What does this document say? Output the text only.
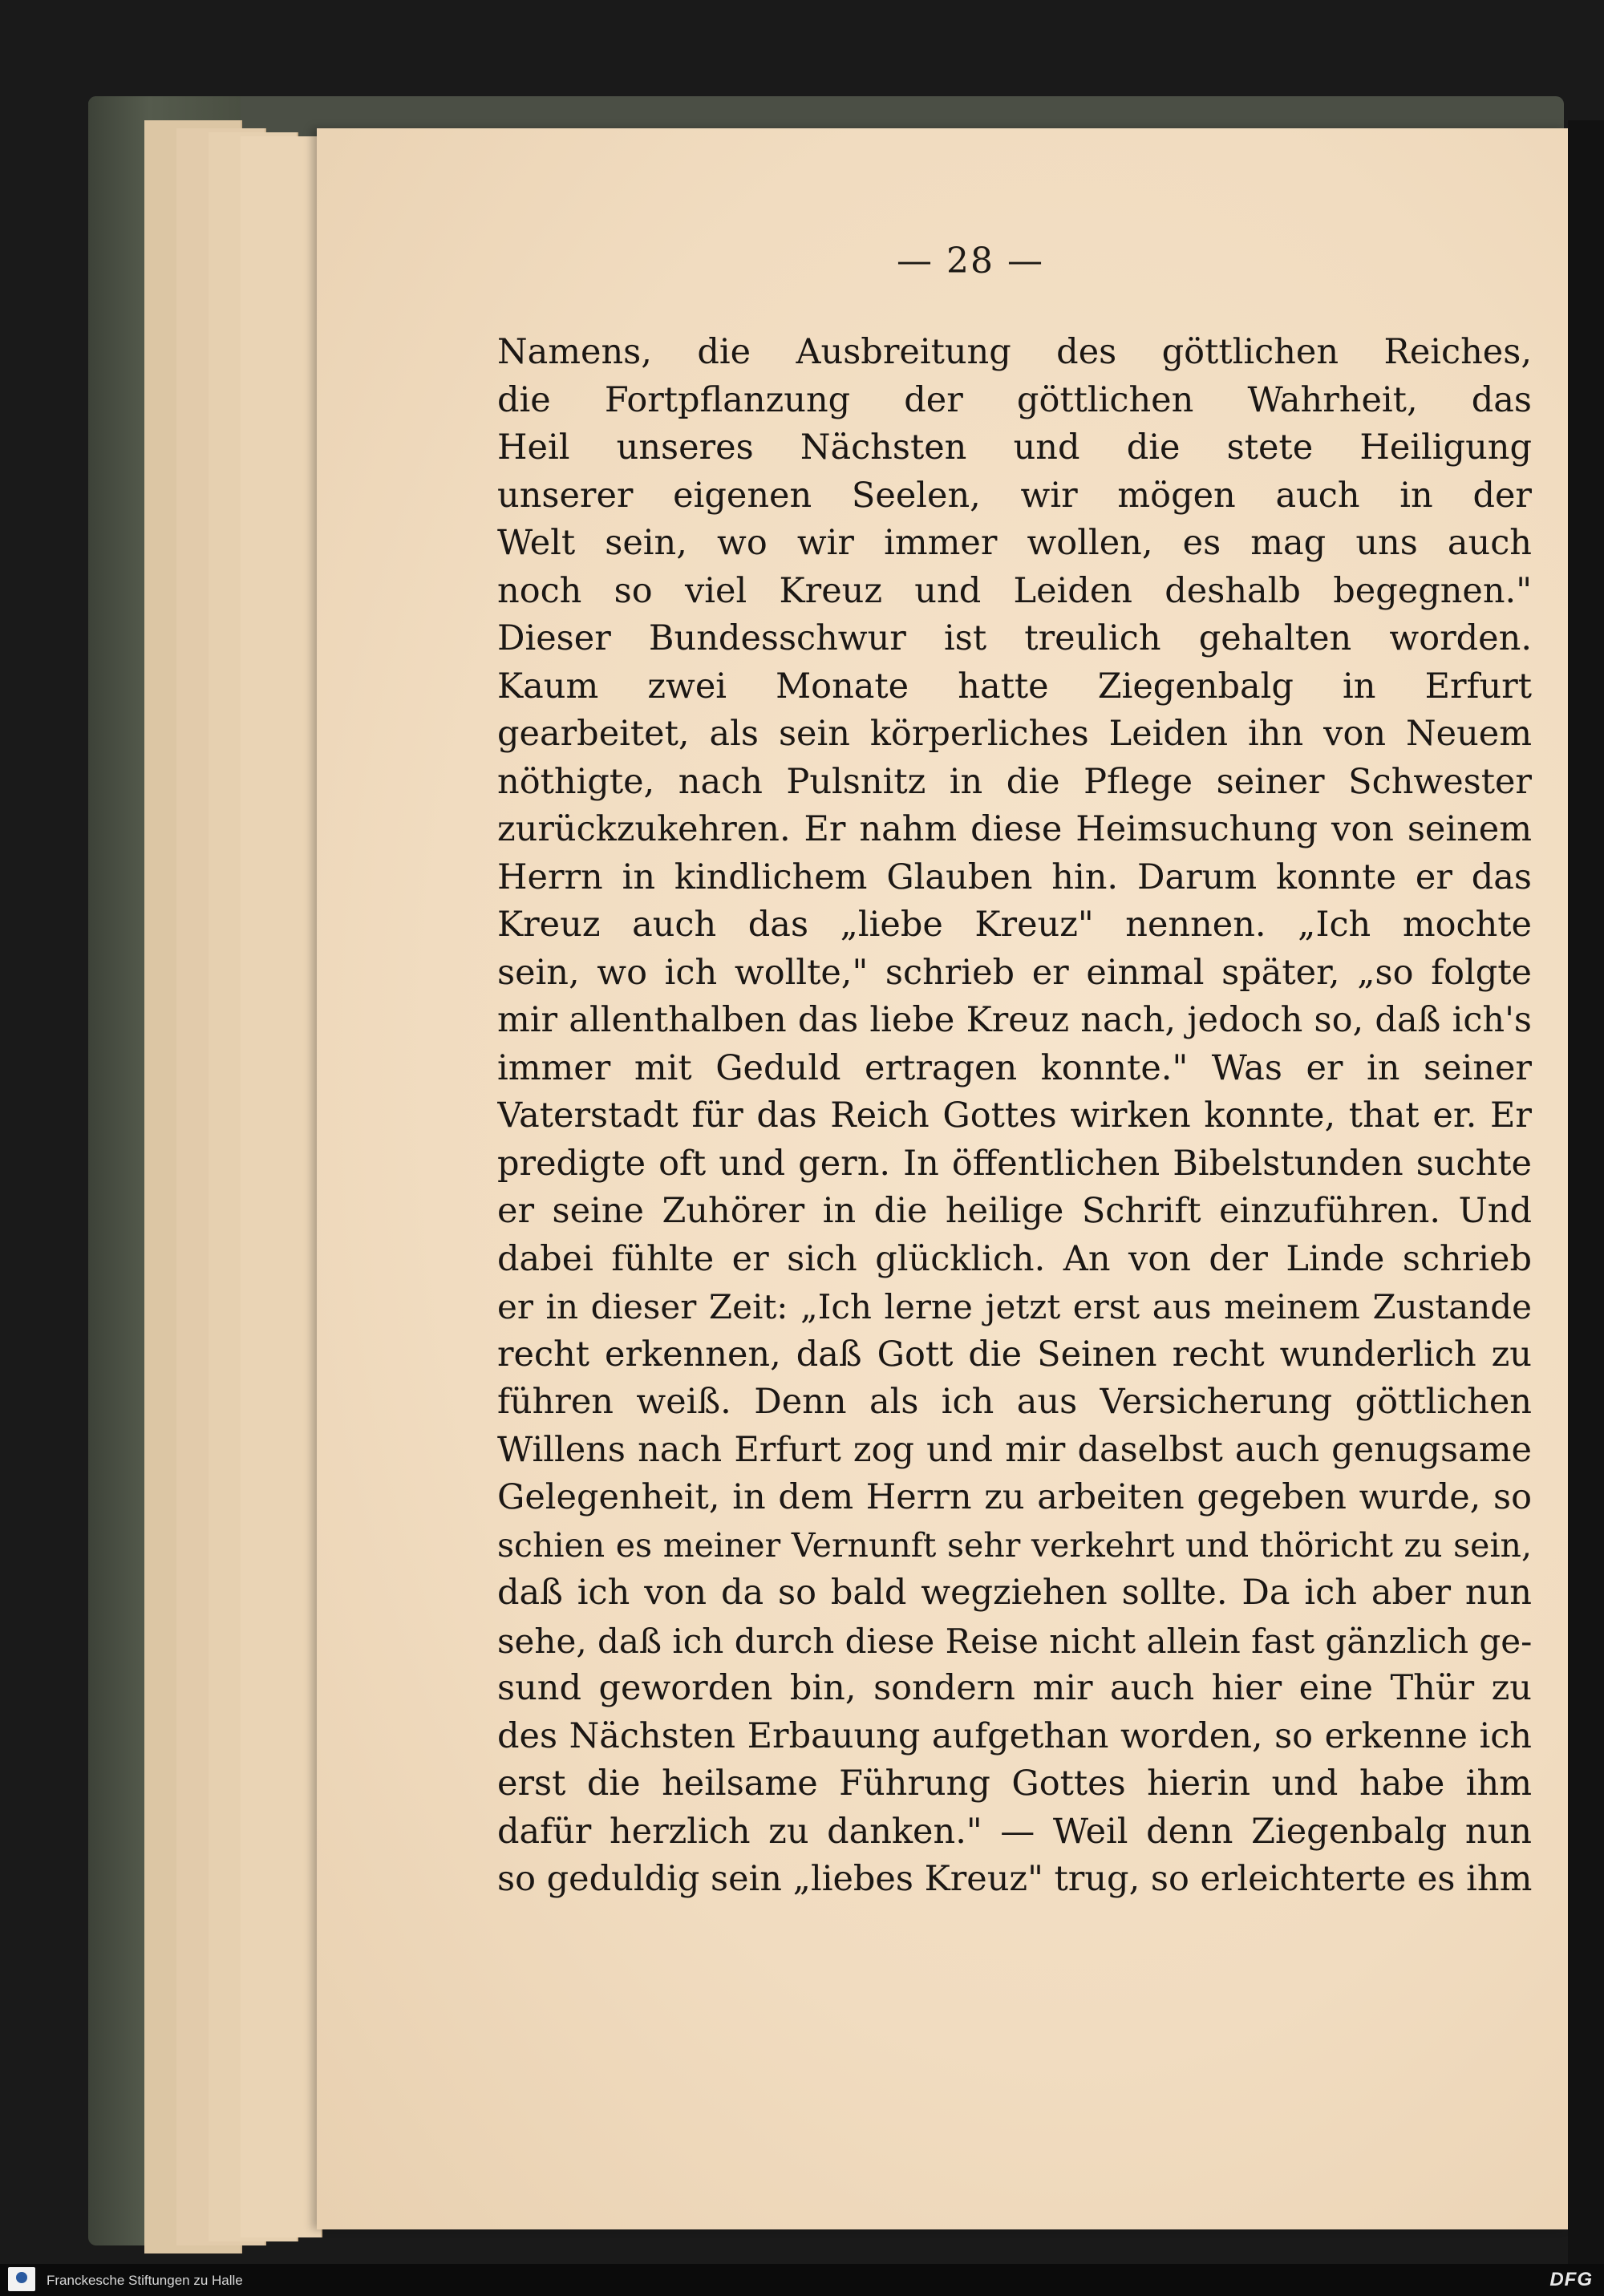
— 28 —
Namens, die Ausbreitung des göttlichen Reiches,
die Fortpflanzung der göttlichen Wahrheit, das
Heil unseres Nächsten und die stete Heiligung
unserer eigenen Seelen, wir mögen auch in der
Welt sein, wo wir immer wollen, es mag uns auch
noch so viel Kreuz und Leiden deshalb begegnen."
Dieser Bundesschwur ist treulich gehalten worden.
Kaum zwei Monate hatte Ziegenbalg in Erfurt
gearbeitet, als sein körperliches Leiden ihn von Neuem
nöthigte, nach Pulsnitz in die Pflege seiner Schwester
zurückzukehren. Er nahm diese Heimsuchung von seinem
Herrn in kindlichem Glauben hin. Darum konnte er das
Kreuz auch das „liebe Kreuz" nennen. „Ich mochte
sein, wo ich wollte," schrieb er einmal später, „so folgte
mir allenthalben das liebe Kreuz nach, jedoch so, daß ich's
immer mit Geduld ertragen konnte." Was er in seiner
Vaterstadt für das Reich Gottes wirken konnte, that er. Er
predigte oft und gern. In öffentlichen Bibelstunden suchte
er seine Zuhörer in die heilige Schrift einzuführen. Und
dabei fühlte er sich glücklich. An von der Linde schrieb
er in dieser Zeit: „Ich lerne jetzt erst aus meinem Zustande
recht erkennen, daß Gott die Seinen recht wunderlich zu
führen weiß. Denn als ich aus Versicherung göttlichen
Willens nach Erfurt zog und mir daselbst auch genugsame
Gelegenheit, in dem Herrn zu arbeiten gegeben wurde, so
schien es meiner Vernunft sehr verkehrt und thöricht zu sein,
daß ich von da so bald wegziehen sollte. Da ich aber nun
sehe, daß ich durch diese Reise nicht allein fast gänzlich ge-
sund geworden bin, sondern mir auch hier eine Thür zu
des Nächsten Erbauung aufgethan worden, so erkenne ich
erst die heilsame Führung Gottes hierin und habe ihm
dafür herzlich zu danken." — Weil denn Ziegenbalg nun
so geduldig sein „liebes Kreuz" trug, so erleichterte es ihm
Franckesche Stiftungen zu Halle	DFG
